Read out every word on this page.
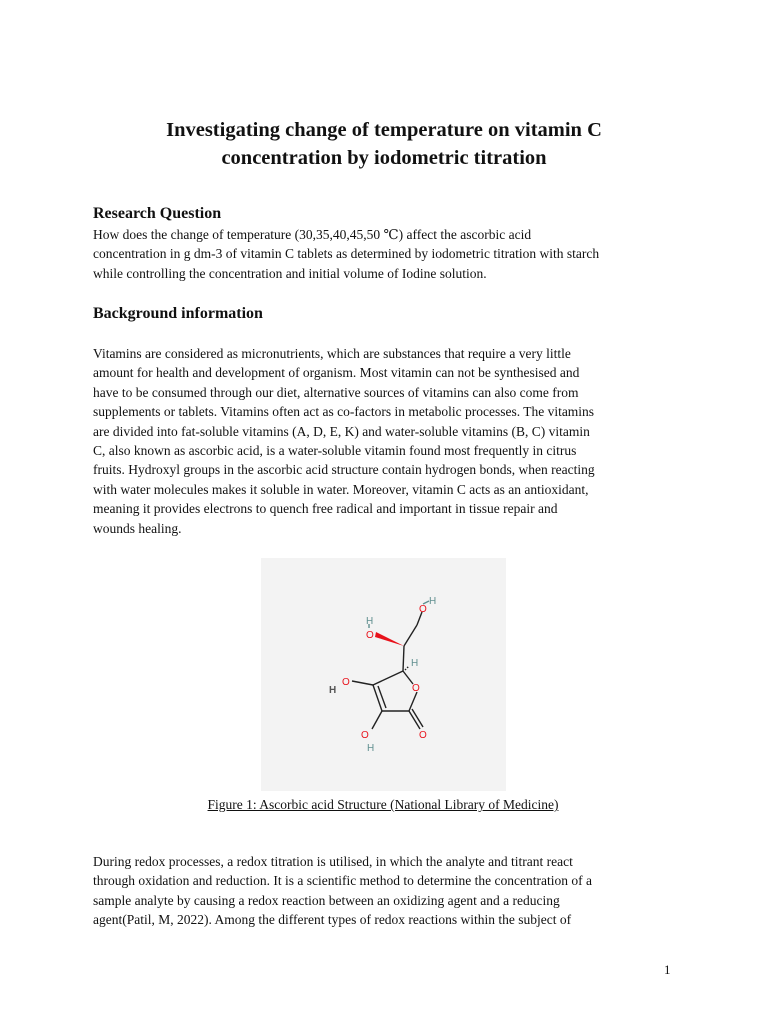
Investigating change of temperature on vitamin C
concentration by iodometric titration
Research Question
How does the change of temperature (30,35,40,45,50 ℃) affect the ascorbic acid
concentration in g dm-3 of vitamin C tablets as determined by iodometric titration with starch
while controlling the concentration and initial volume of Iodine solution.
Background information
Vitamins are considered as micronutrients, which are substances that require a very little
amount for health and development of organism. Most vitamin can not be synthesised and
have to be consumed through our diet, alternative sources of vitamins can also come from
supplements or tablets. Vitamins often act as co-factors in metabolic processes. The vitamins
are divided into fat-soluble vitamins (A, D, E, K) and water-soluble vitamins (B, C) vitamin
C, also known as ascorbic acid, is a water-soluble vitamin found most frequently in citrus
fruits. Hydroxyl groups in the ascorbic acid structure contain hydrogen bonds, when reacting
with water molecules makes it soluble in water. Moreover, vitamin C acts as an antioxidant,
meaning it provides electrons to quench free radical and important in tissue repair and
wounds healing.
O
H
H
O
H
O
H	O
O
O
H
Figure 1: Ascorbic acid Structure (National Library of Medicine)
During redox processes, a redox titration is utilised, in which the analyte and titrant react
through oxidation and reduction. It is a scientific method to determine the concentration of a
sample analyte by causing a redox reaction between an oxidizing agent and a reducing
agent(Patil, M, 2022). Among the different types of redox reactions within the subject of
1
